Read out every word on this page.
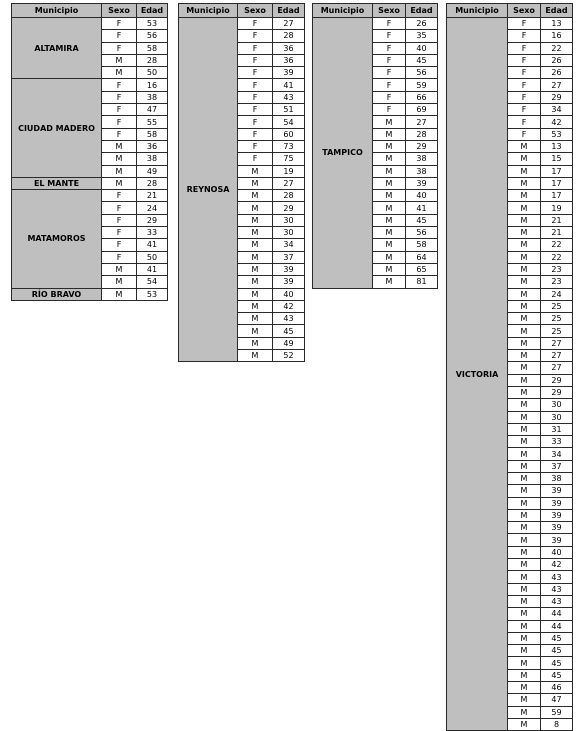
Municipio	Sexo	Edad
ALTAMIRA	F	53
	F	56
	F	58
	M	28
	M	50
CIUDAD MADERO	F	16
	F	38
	F	47
	F	55
	F	58
	M	36
	M	38
	M	49
EL MANTE	M	28
MATAMOROS	F	21
	F	24
	F	29
	F	33
	F	41
	F	50
	M	41
	M	54
RÍO BRAVO	M	53
Municipio	Sexo	Edad
REYNOSA	F	27
	F	28
	F	36
	F	36
	F	39
	F	41
	F	43
	F	51
	F	54
	F	60
	F	73
	F	75
	M	19
	M	27
	M	28
	M	29
	M	30
	M	30
	M	34
	M	37
	M	39
	M	39
	M	40
	M	42
	M	43
	M	45
	M	49
	M	52
Municipio	Sexo	Edad
TAMPICO	F	26
	F	35
	F	40
	F	45
	F	56
	F	59
	F	66
	F	69
	M	27
	M	28
	M	29
	M	38
	M	38
	M	39
	M	40
	M	41
	M	45
	M	56
	M	58
	M	64
	M	65
	M	81
Municipio	Sexo	Edad
VICTORIA	F	13
	F	16
	F	22
	F	26
	F	26
	F	27
	F	29
	F	34
	F	42
	F	53
	M	13
	M	15
	M	17
	M	17
	M	17
	M	19
	M	21
	M	21
	M	22
	M	22
	M	23
	M	23
	M	24
	M	25
	M	25
	M	25
	M	27
	M	27
	M	27
	M	29
	M	29
	M	30
	M	30
	M	31
	M	33
	M	34
	M	37
	M	38
	M	39
	M	39
	M	39
	M	39
	M	39
	M	40
	M	42
	M	43
	M	43
	M	43
	M	44
	M	44
	M	45
	M	45
	M	45
	M	45
	M	46
	M	47
	M	59
	M	8
